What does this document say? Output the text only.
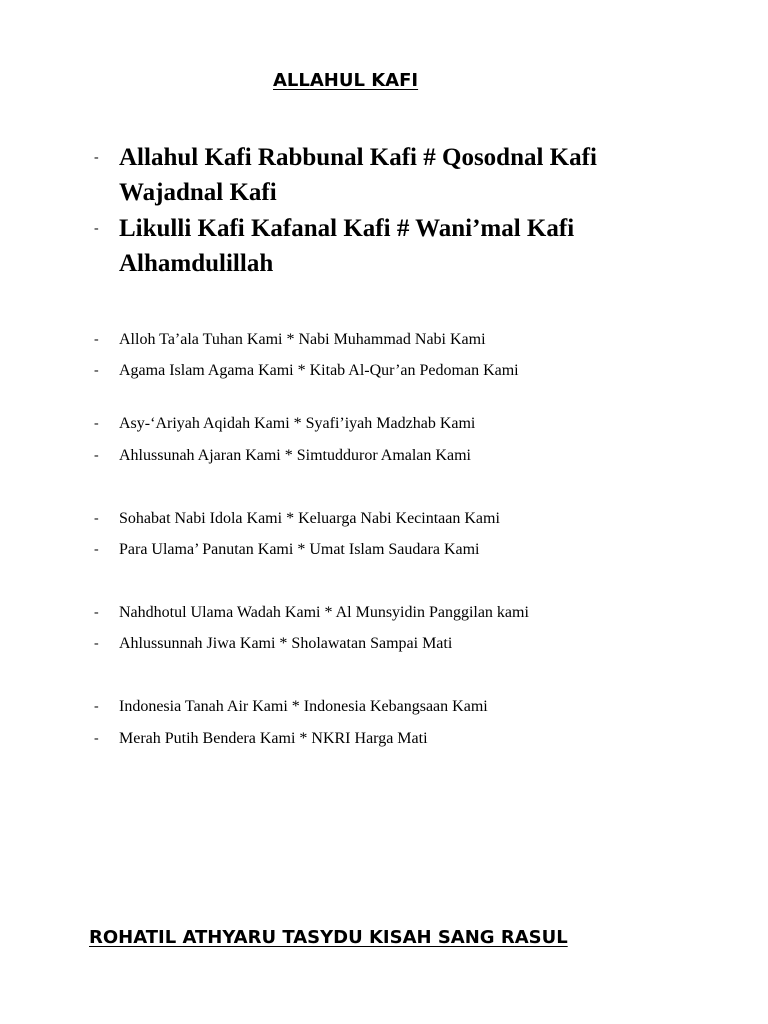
ALLAHUL KAFI
- Allahul Kafi Rabbunal Kafi # Qosodnal Kafi Wajadnal Kafi
- Likulli Kafi Kafanal Kafi # Wani’mal Kafi Alhamdulillah
-	Alloh Ta’ala Tuhan Kami * Nabi Muhammad Nabi Kami
-	Agama Islam Agama Kami * Kitab Al-Qur’an Pedoman Kami
-	Asy-‘Ariyah Aqidah Kami * Syafi’iyah Madzhab Kami
-	Ahlussunah Ajaran Kami * Simtudduror Amalan Kami
-	Sohabat Nabi Idola Kami * Keluarga Nabi Kecintaan Kami
-	Para Ulama’ Panutan Kami * Umat Islam Saudara Kami
-	Nahdhotul Ulama Wadah Kami * Al Munsyidin Panggilan kami
-	Ahlussunnah Jiwa Kami * Sholawatan Sampai Mati
-	Indonesia Tanah Air Kami * Indonesia Kebangsaan Kami
-	Merah Putih Bendera Kami * NKRI Harga Mati
ROHATIL ATHYARU TASYDU KISAH SANG RASUL
